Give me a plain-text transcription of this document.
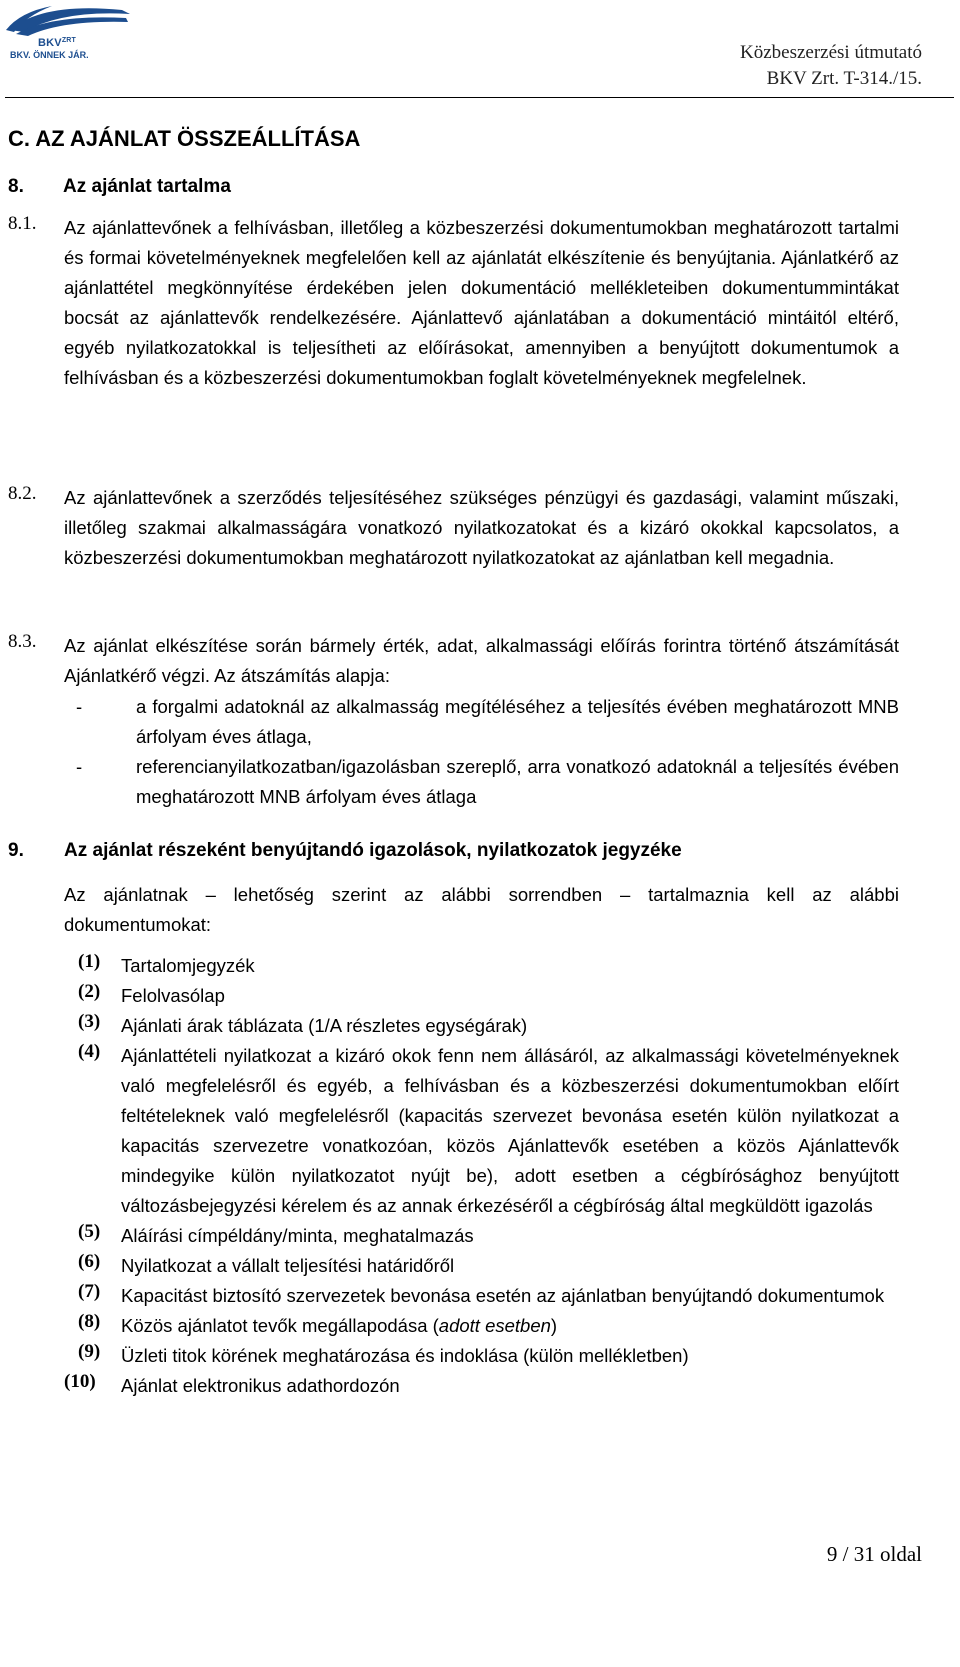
$BKV^{ZRT}$
BKV. ÖNNEK JÁR.	Közbeszerzési útmutató
BKV Zrt. T-314./15.
C. AZ AJÁNLAT ÖSSZEÁLLÍTÁSA
8. Az ajánlat tartalma
8.1. Az ajánlattevőnek a felhívásban, illetőleg a közbeszerzési dokumentumokban meghatározott tartalmi és formai követelményeknek megfelelően kell az ajánlatát elkészítenie és benyújtania. Ajánlatkérő az ajánlattétel megkönnyítése érdekében jelen dokumentáció mellékleteiben dokumentummintákat bocsát az ajánlattevők rendelkezésére. Ajánlattevő ajánlatában a dokumentáció mintáitól eltérő, egyéb nyilatkozatokkal is teljesítheti az előírásokat, amennyiben a benyújtott dokumentumok a felhívásban és a közbeszerzési dokumentumokban foglalt követelményeknek megfelelnek.
8.2. Az ajánlattevőnek a szerződés teljesítéséhez szükséges pénzügyi és gazdasági, valamint műszaki, illetőleg szakmai alkalmasságára vonatkozó nyilatkozatokat és a kizáró okokkal kapcsolatos, a közbeszerzési dokumentumokban meghatározott nyilatkozatokat az ajánlatban kell megadnia.
8.3. Az ajánlat elkészítése során bármely érték, adat, alkalmassági előírás forintra történő átszámítását Ajánlatkérő végzi. Az átszámítás alapja:
-	a forgalmi adatoknál az alkalmasság megítéléséhez a teljesítés évében meghatározott MNB árfolyam éves átlaga,
-	referencianyilatkozatban/igazolásban szereplő, arra vonatkozó adatoknál a teljesítés évében meghatározott MNB árfolyam éves átlaga
9. Az ajánlat részeként benyújtandó igazolások, nyilatkozatok jegyzéke
Az ajánlatnak – lehetőség szerint az alábbi sorrendben – tartalmaznia kell az alábbi dokumentumokat:
(1) Tartalomjegyzék
(2) Felolvasólap
(3) Ajánlati árak táblázata (1/A részletes egységárak)
(4) Ajánlattételi nyilatkozat a kizáró okok fenn nem állásáról, az alkalmassági követelményeknek való megfelelésről és egyéb, a felhívásban és a közbeszerzési dokumentumokban előírt feltételeknek való megfelelésről (kapacitás szervezet bevonása esetén külön nyilatkozat a kapacitás szervezetre vonatkozóan, közös Ajánlattevők esetében a közös Ajánlattevők mindegyike külön nyilatkozatot nyújt be), adott esetben a cégbírósághoz benyújtott változásbejegyzési kérelem és az annak érkezéséről a cégbíróság által megküldött igazolás
(5) Aláírási címpéldány/minta, meghatalmazás
(6) Nyilatkozat a vállalt teljesítési határidőről
(7) Kapacitást biztosító szervezetek bevonása esetén az ajánlatban benyújtandó dokumentumok
(8) Közös ajánlatot tevők megállapodása (adott esetben)
(9) Üzleti titok körének meghatározása és indoklása (külön mellékletben)
(10) Ajánlat elektronikus adathordozón
9 / 31 oldal
